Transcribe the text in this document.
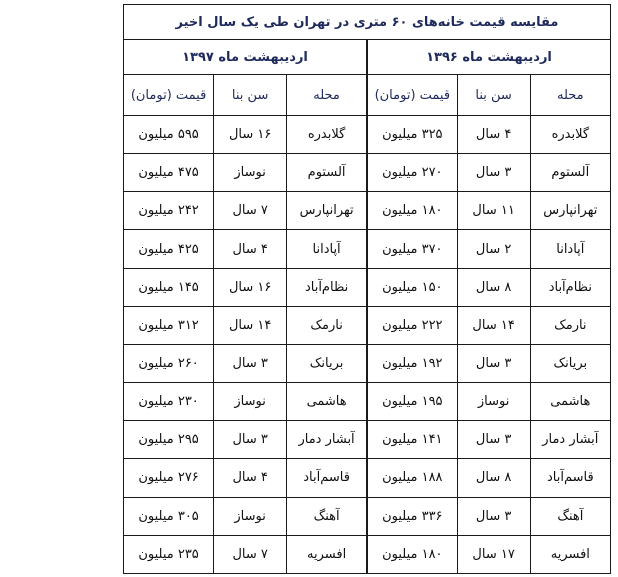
مقایسه قیمت خانه‌های ۶۰ متری در تهران طی یک سال اخیر					
اردیبهشت ماه ۱۳۹۶			اردیبهشت ماه ۱۳۹۷		
محله	سن بنا	قیمت (تومان)	محله	سن بنا	قیمت (تومان)
گلابدره	۴ سال	۳۲۵ میلیون	گلابدره	۱۶ سال	۵۹۵ میلیون
آلستوم	۳ سال	۲۷۰ میلیون	آلستوم	نوساز	۴۷۵ میلیون
تهرانپارس	۱۱ سال	۱۸۰ میلیون	تهرانپارس	۷ سال	۲۴۲ میلیون
آپادانا	۲ سال	۳۷۰ میلیون	آپادانا	۴ سال	۴۲۵ میلیون
نظام‌آباد	۸ سال	۱۵۰ میلیون	نظام‌آباد	۱۶ سال	۱۴۵ میلیون
نارمک	۱۴ سال	۲۲۲ میلیون	نارمک	۱۴ سال	۳۱۲ میلیون
بریانک	۳ سال	۱۹۲ میلیون	بریانک	۳ سال	۲۶۰ میلیون
هاشمی	نوساز	۱۹۵ میلیون	هاشمی	نوساز	۲۳۰ میلیون
آبشار دمار	۳ سال	۱۴۱ میلیون	آبشار دمار	۳ سال	۲۹۵ میلیون
قاسم‌آباد	۸ سال	۱۸۸ میلیون	قاسم‌آباد	۴ سال	۲۷۶ میلیون
آهنگ	۳ سال	۳۳۶ میلیون	آهنگ	نوساز	۳۰۵ میلیون
افسریه	۱۷ سال	۱۸۰ میلیون	افسریه	۷ سال	۲۳۵ میلیون
